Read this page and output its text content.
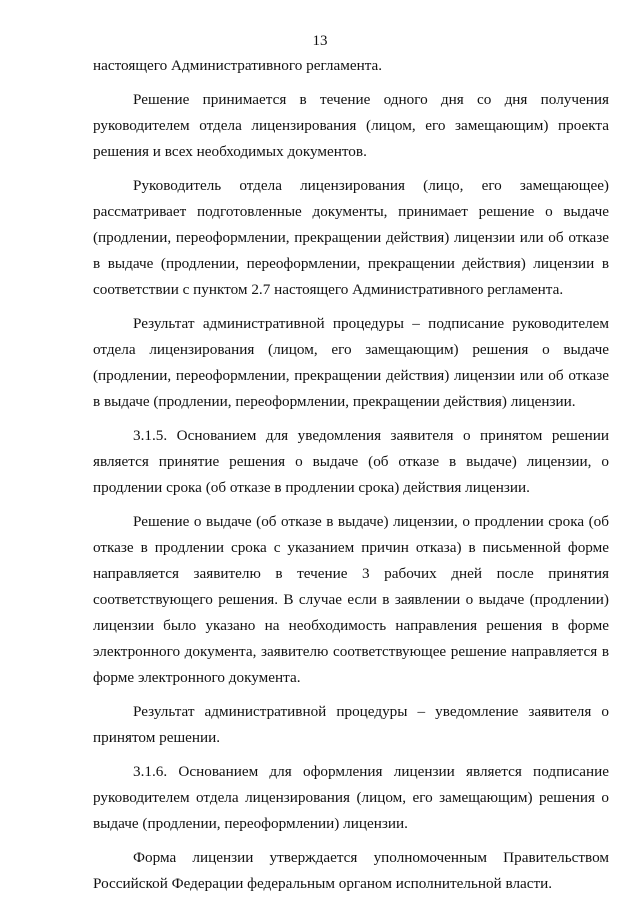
13

настоящего Административного регламента.

Решение принимается в течение одного дня со дня получения руководителем отдела лицензирования (лицом, его замещающим) проекта решения и всех необходимых документов.

Руководитель отдела лицензирования (лицо, его замещающее) рассматривает подготовленные документы, принимает решение о выдаче (продлении, переоформлении, прекращении действия) лицензии или об отказе в выдаче (продлении, переоформлении, прекращении действия) лицензии в соответствии с пунктом 2.7 настоящего Административного регламента.

Результат административной процедуры – подписание руководителем отдела лицензирования (лицом, его замещающим) решения о выдаче (продлении, переоформлении, прекращении действия) лицензии или об отказе в выдаче (продлении, переоформлении, прекращении действия) лицензии.

3.1.5. Основанием для уведомления заявителя о принятом решении является принятие решения о выдаче (об отказе в выдаче) лицензии, о продлении срока (об отказе в продлении срока) действия лицензии.

Решение о выдаче (об отказе в выдаче) лицензии, о продлении срока (об отказе в продлении срока с указанием причин отказа) в письменной форме направляется заявителю в течение 3 рабочих дней после принятия соответствующего решения. В случае если в заявлении о выдаче (продлении) лицензии было указано на необходимость направления решения в форме электронного документа, заявителю соответствующее решение направляется в форме электронного документа.

Результат административной процедуры – уведомление заявителя о принятом решении.

3.1.6. Основанием для оформления лицензии является подписание руководителем отдела лицензирования (лицом, его замещающим) решения о выдаче (продлении, переоформлении) лицензии.

Форма лицензии утверждается уполномоченным Правительством Российской Федерации федеральным органом исполнительной власти.
